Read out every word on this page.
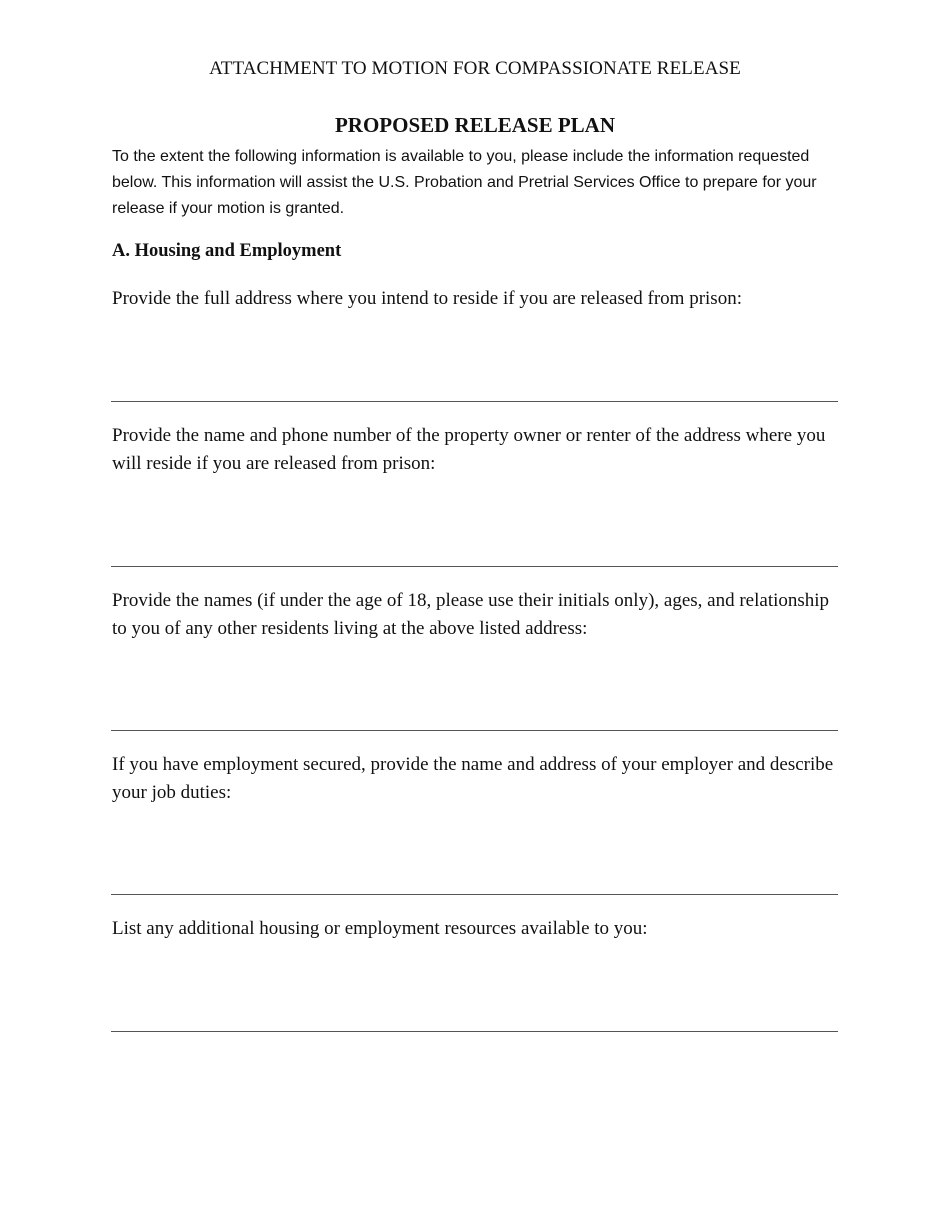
ATTACHMENT TO MOTION FOR COMPASSIONATE RELEASE
PROPOSED RELEASE PLAN
To the extent the following information is available to you, please include the information requested below. This information will assist the U.S. Probation and Pretrial Services Office to prepare for your release if your motion is granted.
A. Housing and Employment
Provide the full address where you intend to reside if you are released from prison:
Provide the name and phone number of the property owner or renter of the address where you will reside if you are released from prison:
Provide the names (if under the age of 18, please use their initials only), ages, and relationship to you of any other residents living at the above listed address:
If you have employment secured, provide the name and address of your employer and describe your job duties:
List any additional housing or employment resources available to you:
